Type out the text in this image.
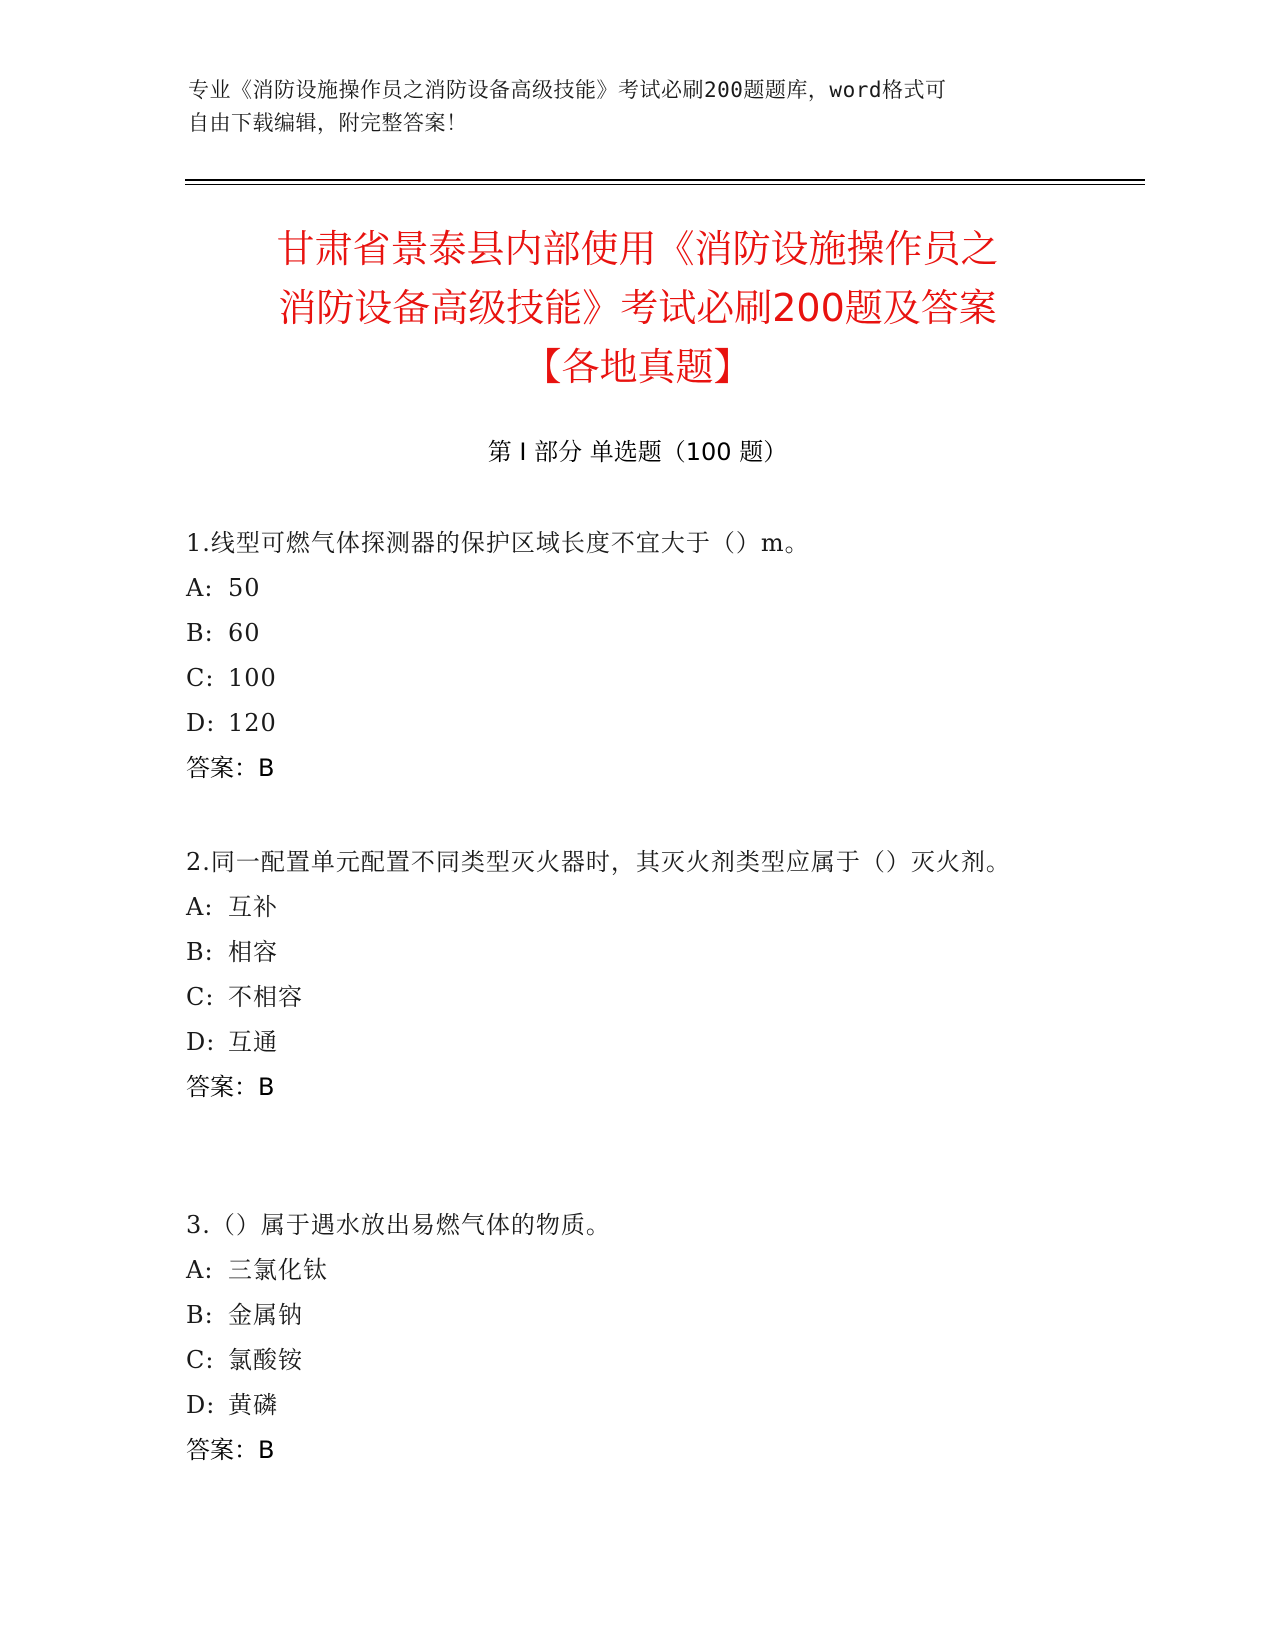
专业《消防设施操作员之消防设备高级技能》考试必刷200题题库，word格式可
自由下载编辑，附完整答案！
甘肃省景泰县内部使用《消防设施操作员之
消防设备高级技能》考试必刷200题及答案
【各地真题】
第 I 部分 单选题（100 题）
1.线型可燃气体探测器的保护区域长度不宜大于（）m。
A: 50
B: 60
C: 100
D: 120
答案：B
2.同一配置单元配置不同类型灭火器时，其灭火剂类型应属于（）灭火剂。
A: 互补
B: 相容
C: 不相容
D: 互通
答案：B
3.（）属于遇水放出易燃气体的物质。
A: 三氯化钛
B: 金属钠
C: 氯酸铵
D: 黄磷
答案：B
